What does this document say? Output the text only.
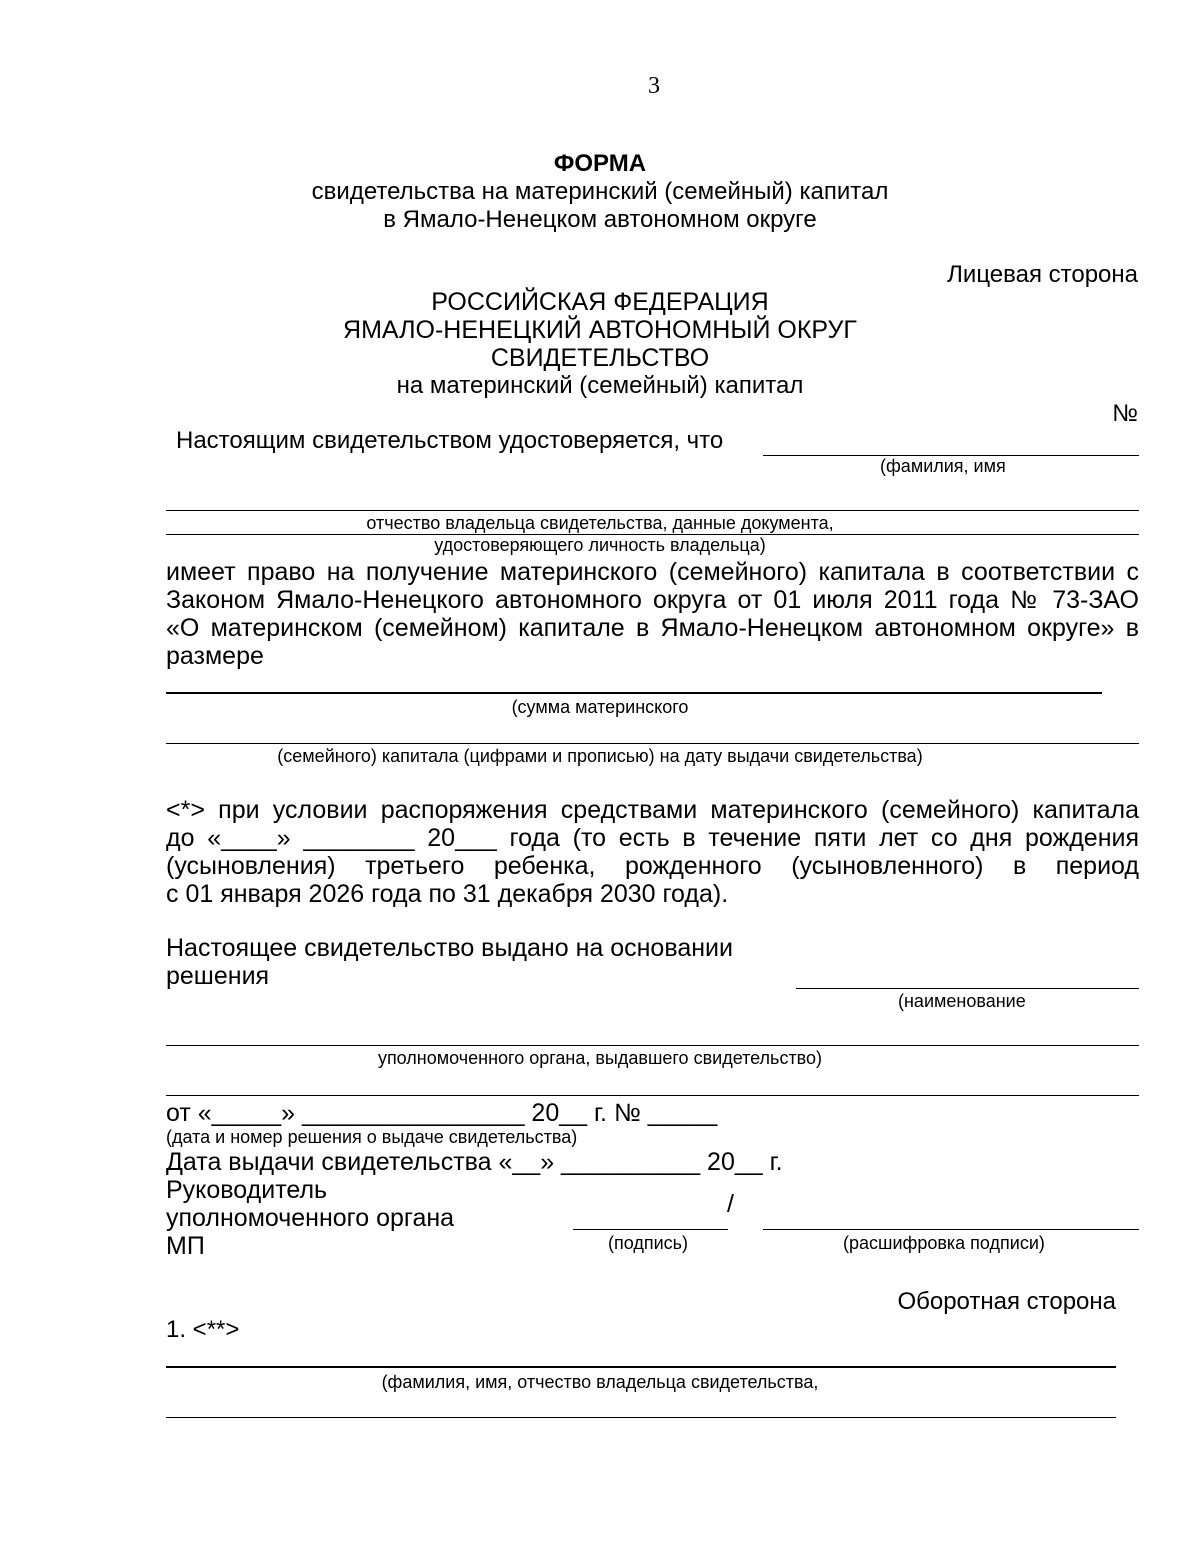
3
ФОРМА
свидетельства на материнский (семейный) капитал
в Ямало-Ненецком автономном округе
Лицевая сторона
РОССИЙСКАЯ ФЕДЕРАЦИЯ
ЯМАЛО-НЕНЕЦКИЙ АВТОНОМНЫЙ ОКРУГ
СВИДЕТЕЛЬСТВО
на материнский (семейный) капитал
№
Настоящим свидетельством удостоверяется, что
(фамилия, имя
отчество владельца свидетельства, данные документа,
удостоверяющего личность владельца)
имеет право на получение материнского (семейного) капитала в соответствии с
Законом Ямало-Ненецкого автономного округа от 01 июля 2011 года № 73-ЗАО
«О материнском (семейном) капитале в Ямало-Ненецком автономном округе» в
размере
(сумма материнского
(семейного) капитала (цифрами и прописью) на дату выдачи свидетельства)
<*> при условии распоряжения средствами материнского (семейного) капитала
до «____» ________ 20___ года (то есть в течение пяти лет со дня рождения
(усыновления) третьего ребенка, рожденного (усыновленного) в период
с 01 января 2026 года по 31 декабря 2030 года).
Настоящее свидетельство выдано на основании
решения
(наименование
уполномоченного органа, выдавшего свидетельство)
от «_____» ________________ 20__ г. № _____
(дата и номер решения о выдаче свидетельства)
Дата выдачи свидетельства «__» __________ 20__ г.
Руководитель	/
уполномоченного органа
МП	(подпись)	(расшифровка подписи)
Оборотная сторона
1. <**>
(фамилия, имя, отчество владельца свидетельства,
